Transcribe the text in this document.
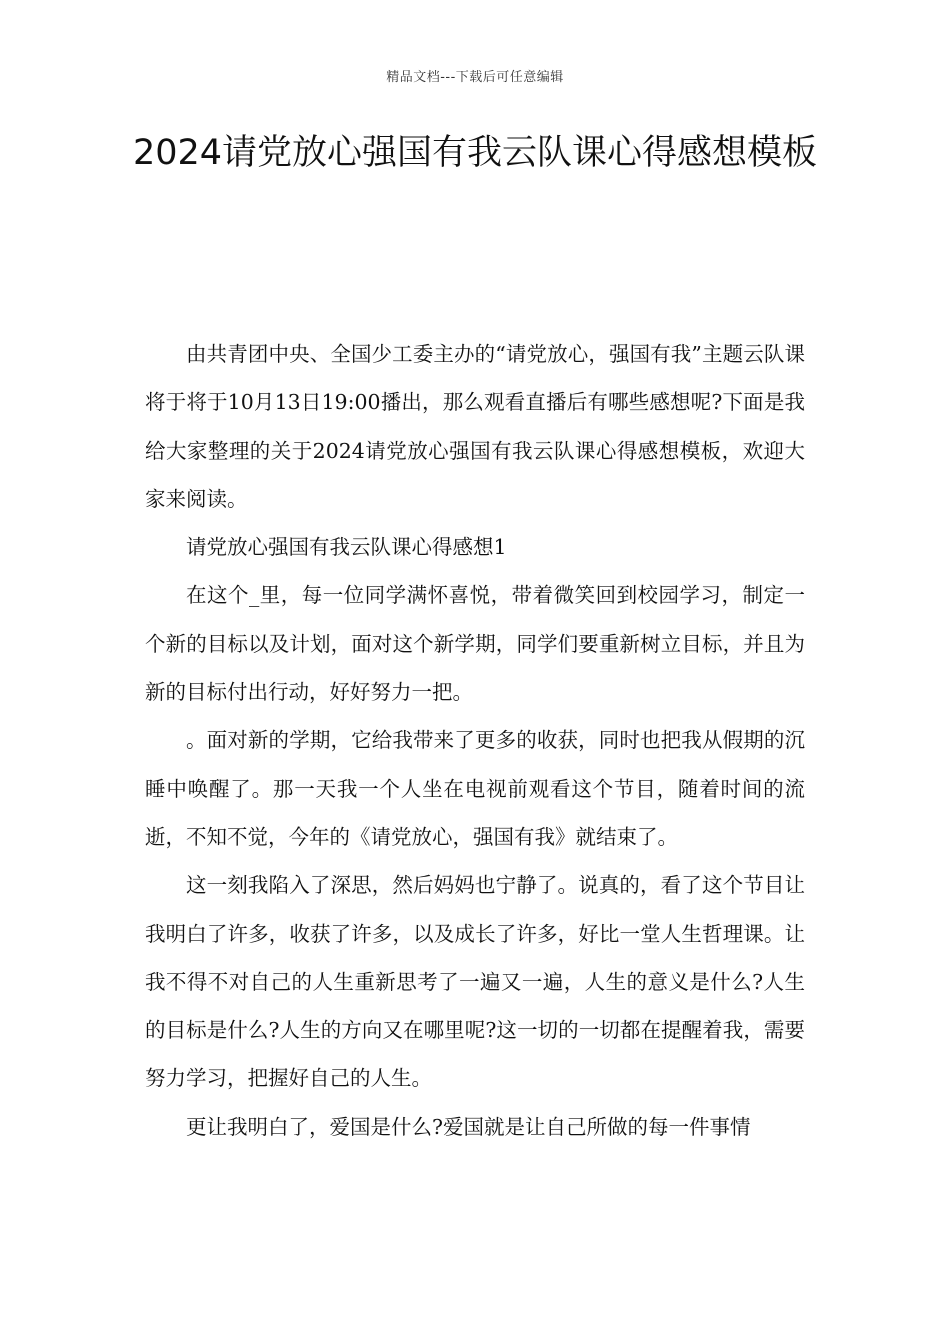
精品文档---下载后可任意编辑
2024请党放心强国有我云队课心得感想模板

由共青团中央、全国少工委主办的“请党放心，强国有我”主题云队课将于将于10月13日19:00播出，那么观看直播后有哪些感想呢?下面是我给大家整理的关于2024请党放心强国有我云队课心得感想模板，欢迎大家来阅读。

请党放心强国有我云队课心得感想1

在这个_里，每一位同学满怀喜悦，带着微笑回到校园学习，制定一个新的目标以及计划，面对这个新学期，同学们要重新树立目标，并且为新的目标付出行动，好好努力一把。

。面对新的学期，它给我带来了更多的收获，同时也把我从假期的沉睡中唤醒了。那一天我一个人坐在电视前观看这个节目，随着时间的流逝，不知不觉，今年的《请党放心，强国有我》就结束了。

这一刻我陷入了深思，然后妈妈也宁静了。说真的，看了这个节目让我明白了许多，收获了许多，以及成长了许多，好比一堂人生哲理课。让我不得不对自己的人生重新思考了一遍又一遍，人生的意义是什么?人生的目标是什么?人生的方向又在哪里呢?这一切的一切都在提醒着我，需要努力学习，把握好自己的人生。

更让我明白了，爱国是什么?爱国就是让自己所做的每一件事情
